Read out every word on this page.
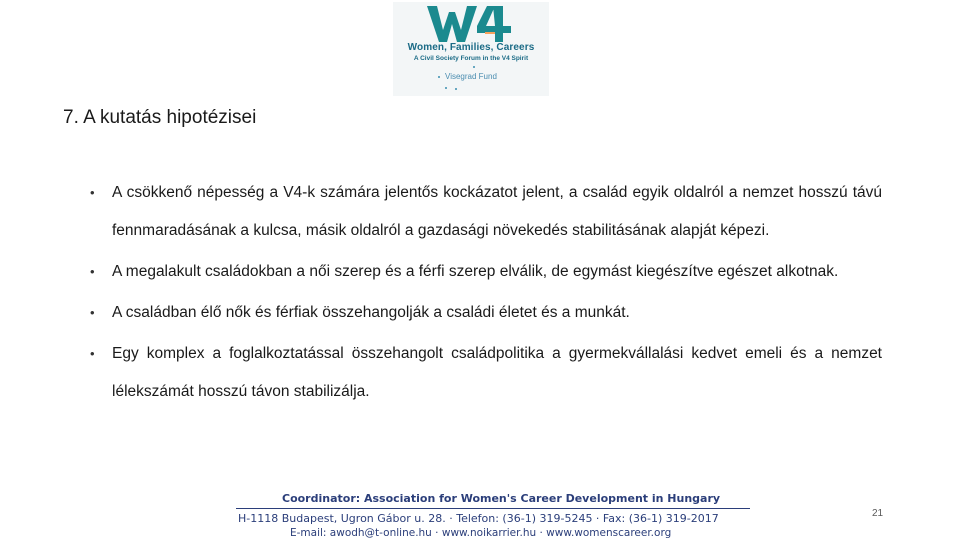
Women, Families, Careers
A Civil Society Forum in the V4 Spirit
Visegrad Fund
7. A kutatás hipotézisei
• A csökkenő népesség a V4-k számára jelentős kockázatot jelent, a család egyik oldalról a nemzet hosszú távú fennmaradásának a kulcsa, másik oldalról a gazdasági növekedés stabilitásának alapját képezi.
• A megalakult családokban a női szerep és a férfi szerep elválik, de egymást kiegészítve egészet alkotnak.
• A családban élő nők és férfiak összehangolják a családi életet és a munkát.
• Egy komplex a foglalkoztatással összehangolt családpolitika a gyermekvállalási kedvet emeli és a nemzet lélekszámát hosszú távon stabilizálja.
Coordinator: Association for Women's Career Development in Hungary
H-1118 Budapest, Ugron Gábor u. 28. · Telefon: (36-1) 319-5245 · Fax: (36-1) 319-2017
E-mail: awodh@t-online.hu · www.noikarrier.hu · www.womenscareer.org
21
